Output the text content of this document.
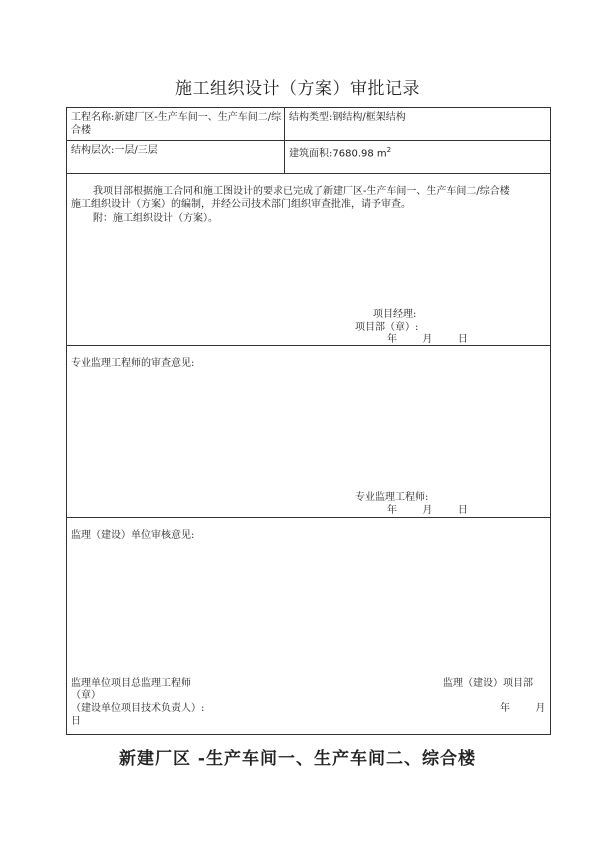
施工组织设计（方案）审批记录
工程名称:新建厂区-生产车间一、生产车间二/综合楼
结构类型:钢结构/框架结构
结构层次:一层/三层	建筑面积:7680.98 $m^2$
我项目部根据施工合同和施工图设计的要求已完成了新建厂区-生产车间一、生产车间二/综合楼
施工组织设计（方案）的编制，并经公司技术部门组织审查批准，请予审查。
附：施工组织设计（方案）。
项目经理:
项目部（章）:
年        月        日
专业监理工程师的审查意见:
专业监理工程师:
年        月        日
监理（建设）单位审核意见:
监理单位项目总监理工程师
（章）
（建设单位项目技术负责人）:
日
监理（建设）项目部
年        月
新建厂区 -生产车间一、生产车间二、综合楼
